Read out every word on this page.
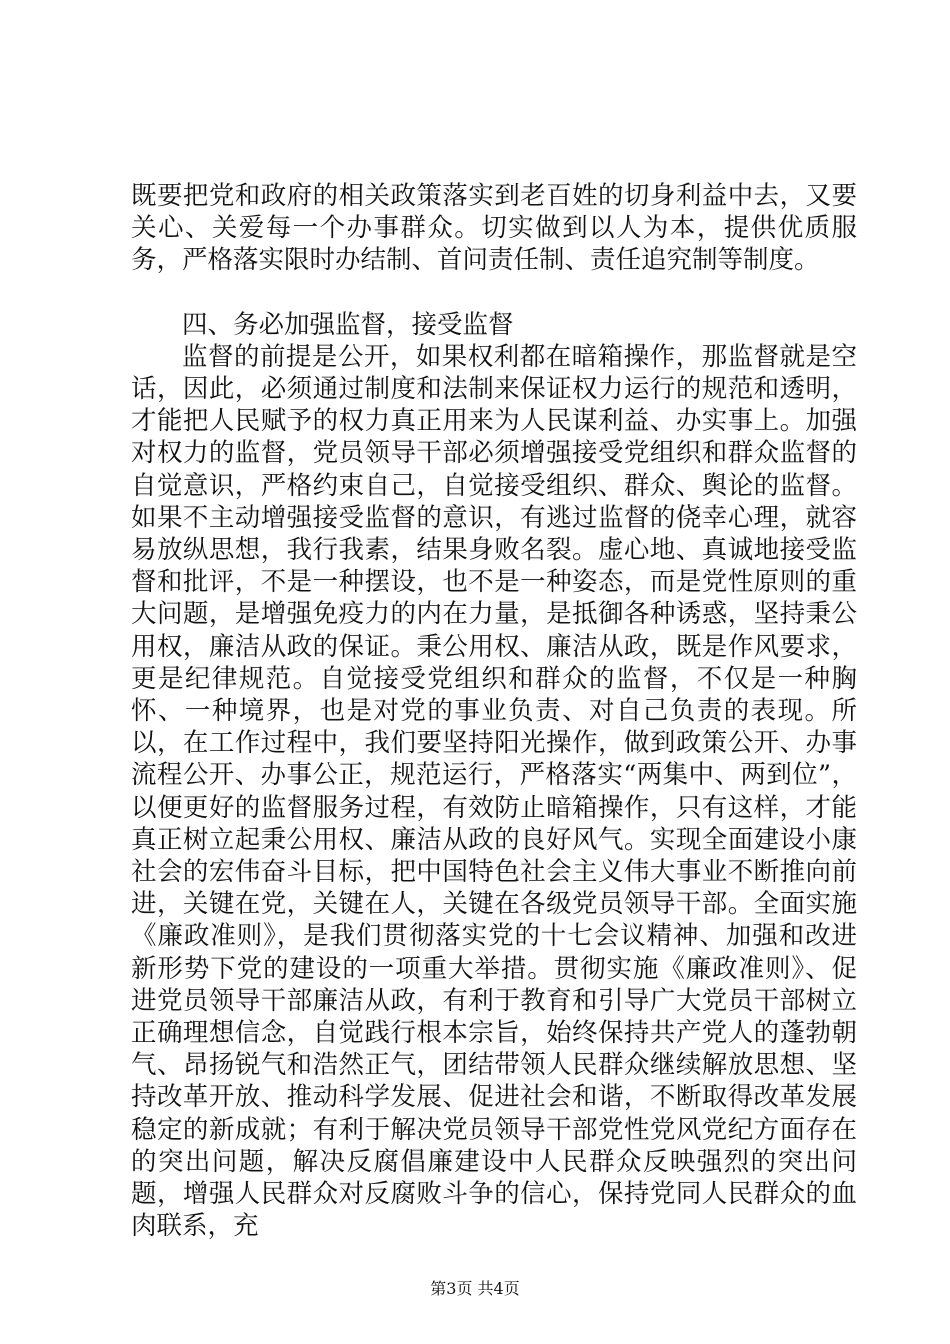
既要把党和政府的相关政策落实到老百姓的切身利益中去，又要关心、关爱每一个办事群众。切实做到以人为本，提供优质服务，严格落实限时办结制、首问责任制、责任追究制等制度。

四、务必加强监督，接受监督

监督的前提是公开，如果权利都在暗箱操作，那监督就是空话，因此，必须通过制度和法制来保证权力运行的规范和透明，才能把人民赋予的权力真正用来为人民谋利益、办实事上。加强对权力的监督，党员领导干部必须增强接受党组织和群众监督的自觉意识，严格约束自己，自觉接受组织、群众、舆论的监督。如果不主动增强接受监督的意识，有逃过监督的侥幸心理，就容易放纵思想，我行我素，结果身败名裂。虚心地、真诚地接受监督和批评，不是一种摆设，也不是一种姿态，而是党性原则的重大问题，是增强免疫力的内在力量，是抵御各种诱惑，坚持秉公用权，廉洁从政的保证。秉公用权、廉洁从政，既是作风要求，更是纪律规范。自觉接受党组织和群众的监督，不仅是一种胸怀、一种境界，也是对党的事业负责、对自己负责的表现。所以，在工作过程中，我们要坚持阳光操作，做到政策公开、办事流程公开、办事公正，规范运行，严格落实“两集中、两到位”，以便更好的监督服务过程，有效防止暗箱操作，只有这样，才能真正树立起秉公用权、廉洁从政的良好风气。实现全面建设小康社会的宏伟奋斗目标，把中国特色社会主义伟大事业不断推向前进，关键在党，关键在人，关键在各级党员领导干部。全面实施《廉政准则》，是我们贯彻落实党的十七会议精神、加强和改进新形势下党的建设的一项重大举措。贯彻实施《廉政准则》、促进党员领导干部廉洁从政，有利于教育和引导广大党员干部树立正确理想信念，自觉践行根本宗旨，始终保持共产党人的蓬勃朝气、昂扬锐气和浩然正气，团结带领人民群众继续解放思想、坚持改革开放、推动科学发展、促进社会和谐，不断取得改革发展稳定的新成就；有利于解决党员领导干部党性党风党纪方面存在的突出问题，解决反腐倡廉建设中人民群众反映强烈的突出问题，增强人民群众对反腐败斗争的信心，保持党同人民群众的血肉联系，充

第3页 共4页
